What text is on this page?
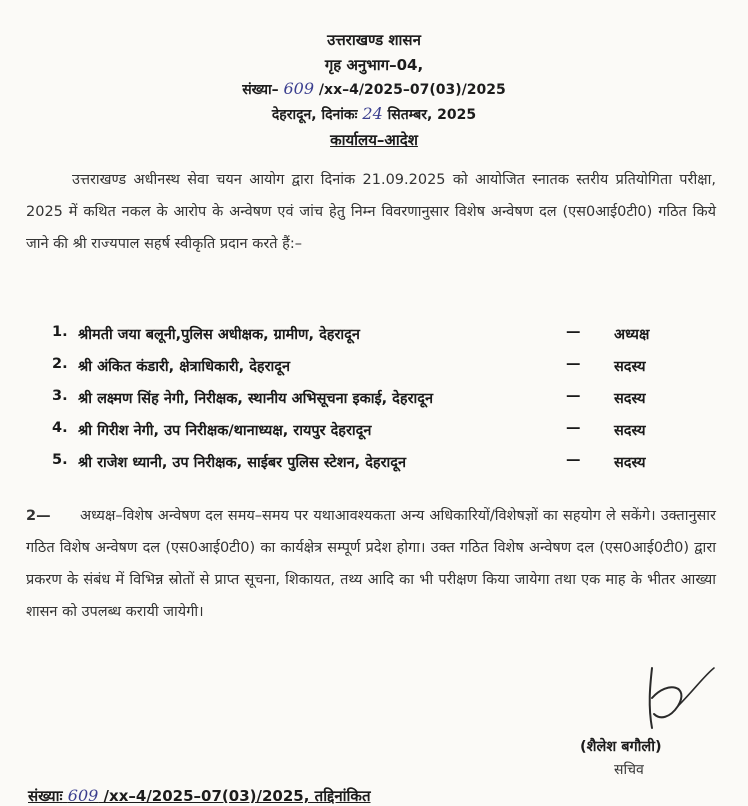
उत्तराखण्ड शासन
गृह अनुभाग–04,
संख्या– 609 /xx–4/2025–07(03)/2025
देहरादून, दिनांकः 24 सितम्बर, 2025
कार्यालय–आदेश
उत्तराखण्ड अधीनस्थ सेवा चयन आयोग द्वारा दिनांक 21.09.2025 को आयोजित स्नातक स्तरीय प्रतियोगिता परीक्षा, 2025 में कथित नकल के आरोप के अन्वेषण एवं जांच हेतु निम्न विवरणानुसार विशेष अन्वेषण दल (एस0आई0टी0) गठित किये जाने की श्री राज्यपाल सहर्ष स्वीकृति प्रदान करते हैं:–
1. श्रीमती जया बलूनी,पुलिस अधीक्षक, ग्रामीण, देहरादून	— अध्यक्ष
2. श्री अंकित कंडारी, क्षेत्राधिकारी, देहरादून	— सदस्य
3. श्री लक्ष्मण सिंह नेगी, निरीक्षक, स्थानीय अभिसूचना इकाई, देहरादून	— सदस्य
4. श्री गिरीश नेगी, उप निरीक्षक/थानाध्यक्ष, रायपुर देहरादून	— सदस्य
5. श्री राजेश ध्यानी, उप निरीक्षक, साईबर पुलिस स्टेशन, देहरादून	— सदस्य
2— अध्यक्ष–विशेष अन्वेषण दल समय–समय पर यथाआवश्यकता अन्य अधिकारियों/विशेषज्ञों का सहयोग ले सकेंगे। उक्तानुसार गठित विशेष अन्वेषण दल (एस0आई0टी0) का कार्यक्षेत्र सम्पूर्ण प्रदेश होगा। उक्त गठित विशेष अन्वेषण दल (एस0आई0टी0) द्वारा प्रकरण के संबंध में विभिन्न स्रोतों से प्राप्त सूचना, शिकायत, तथ्य आदि का भी परीक्षण किया जायेगा तथा एक माह के भीतर आख्या शासन को उपलब्ध करायी जायेगी।
(शैलेश बगौली)
सचिव
संख्याः 609 /xx–4/2025–07(03)/2025, तद्दिनांकित
